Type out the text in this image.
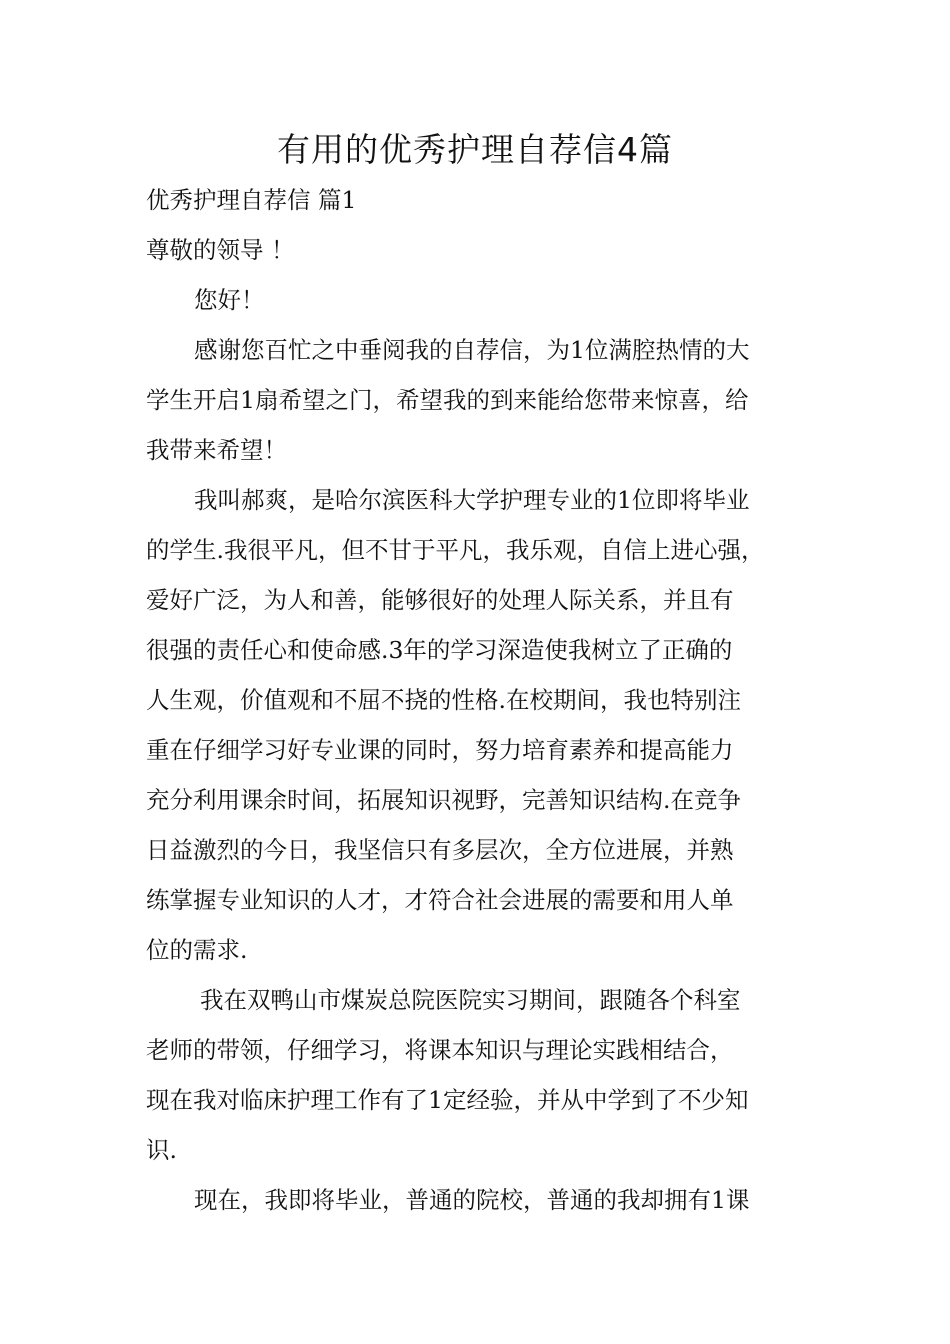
有用的优秀护理自荐信4篇
优秀护理自荐信 篇1
尊敬的领导 ！
您好！
感谢您百忙之中垂阅我的自荐信，为1位满腔热情的大
学生开启1扇希望之门，希望我的到来能给您带来惊喜，给
我带来希望！
我叫郝爽，是哈尔滨医科大学护理专业的1位即将毕业
的学生.我很平凡，但不甘于平凡，我乐观，自信上进心强，
爱好广泛，为人和善，能够很好的处理人际关系，并且有
很强的责任心和使命感.3年的学习深造使我树立了正确的
人生观，价值观和不屈不挠的性格.在校期间，我也特别注
重在仔细学习好专业课的同时，努力培育素养和提高能力
充分利用课余时间，拓展知识视野，完善知识结构.在竞争
日益激烈的今日，我坚信只有多层次，全方位进展，并熟
练掌握专业知识的人才，才符合社会进展的需要和用人单
位的需求.
我在双鸭山市煤炭总院医院实习期间，跟随各个科室
老师的带领，仔细学习，将课本知识与理论实践相结合，
现在我对临床护理工作有了1定经验，并从中学到了不少知
识.
现在，我即将毕业，普通的院校，普通的我却拥有1课
